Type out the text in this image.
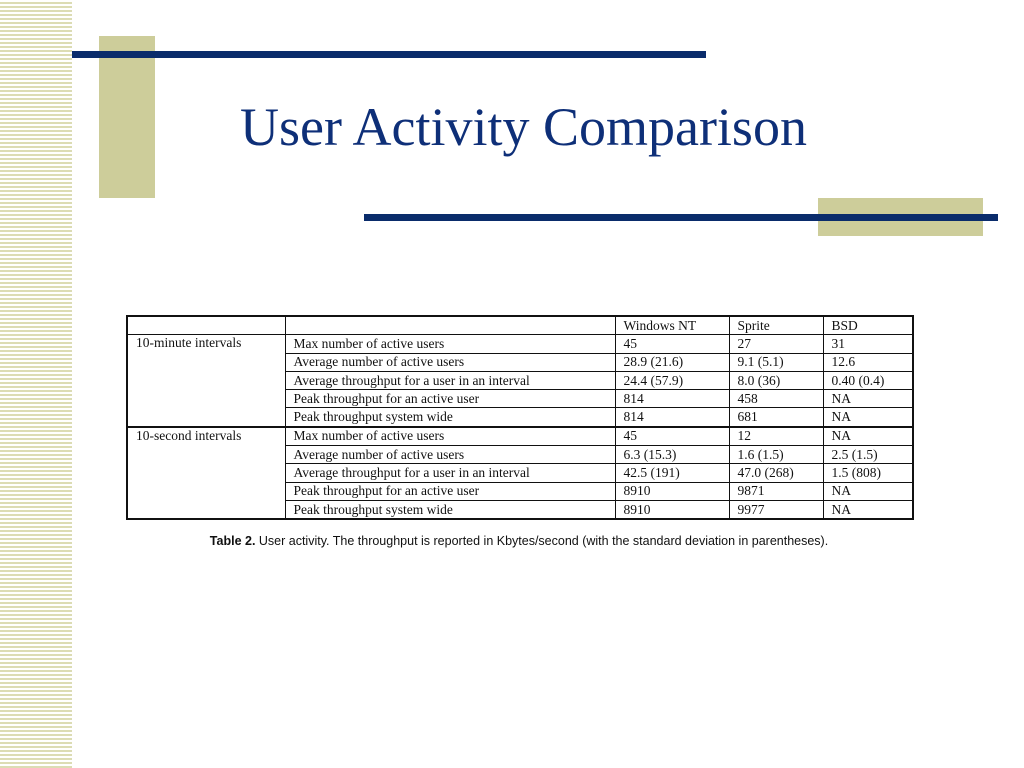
User Activity Comparison
		Windows NT	Sprite	BSD
10-minute intervals	Max number of active users	45	27	31
	Average number of active users	28.9 (21.6)	9.1 (5.1)	12.6
	Average throughput for a user in an interval	24.4 (57.9)	8.0 (36)	0.40 (0.4)
	Peak throughput for an active user	814	458	NA
	Peak throughput system wide	814	681	NA
10-second intervals	Max number of active users	45	12	NA
	Average number of active users	6.3 (15.3)	1.6 (1.5)	2.5 (1.5)
	Average throughput for a user in an interval	42.5 (191)	47.0 (268)	1.5 (808)
	Peak throughput for an active user	8910	9871	NA
	Peak throughput system wide	8910	9977	NA
Table 2. User activity. The throughput is reported in Kbytes/second (with the standard deviation in parentheses).
